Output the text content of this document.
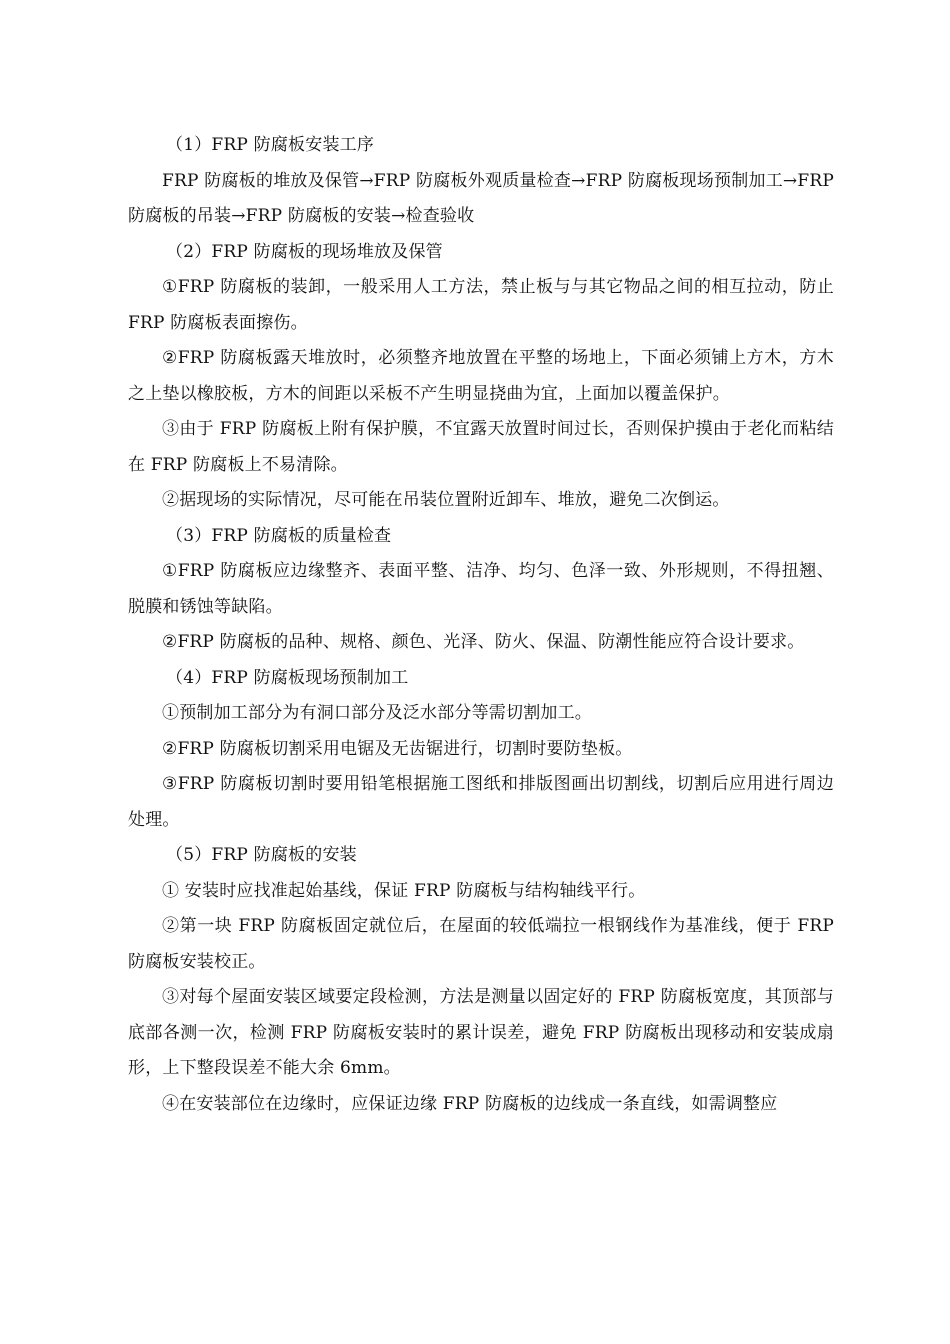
（1）FRP 防腐板安装工序

FRP 防腐板的堆放及保管→FRP 防腐板外观质量检查→FRP 防腐板现场预制加工→FRP 防腐板的吊装→FRP 防腐板的安装→检查验收

（2）FRP 防腐板的现场堆放及保管

①FRP 防腐板的装卸，一般采用人工方法，禁止板与与其它物品之间的相互拉动，防止 FRP 防腐板表面擦伤。

②FRP 防腐板露天堆放时，必须整齐地放置在平整的场地上，下面必须铺上方木，方木之上垫以橡胶板，方木的间距以采板不产生明显挠曲为宜，上面加以覆盖保护。

③由于 FRP 防腐板上附有保护膜，不宜露天放置时间过长，否则保护摸由于老化而粘结在 FRP 防腐板上不易清除。

②据现场的实际情况，尽可能在吊装位置附近卸车、堆放，避免二次倒运。

（3）FRP 防腐板的质量检查

①FRP 防腐板应边缘整齐、表面平整、洁净、均匀、色泽一致、外形规则，不得扭翘、脱膜和锈蚀等缺陷。

②FRP 防腐板的品种、规格、颜色、光泽、防火、保温、防潮性能应符合设计要求。

（4）FRP 防腐板现场预制加工

①预制加工部分为有洞口部分及泛水部分等需切割加工。

②FRP 防腐板切割采用电锯及无齿锯进行，切割时要防垫板。

③FRP 防腐板切割时要用铅笔根据施工图纸和排版图画出切割线，切割后应用进行周边处理。

（5）FRP 防腐板的安装

① 安装时应找准起始基线，保证 FRP 防腐板与结构轴线平行。

②第一块 FRP 防腐板固定就位后，在屋面的较低端拉一根钢线作为基准线，便于 FRP 防腐板安装校正。

③对每个屋面安装区域要定段检测，方法是测量以固定好的 FRP 防腐板宽度，其顶部与底部各测一次，检测 FRP 防腐板安装时的累计误差，避免 FRP 防腐板出现移动和安装成扇形，上下整段误差不能大余 6mm。

④在安装部位在边缘时，应保证边缘 FRP 防腐板的边线成一条直线，如需调整应
